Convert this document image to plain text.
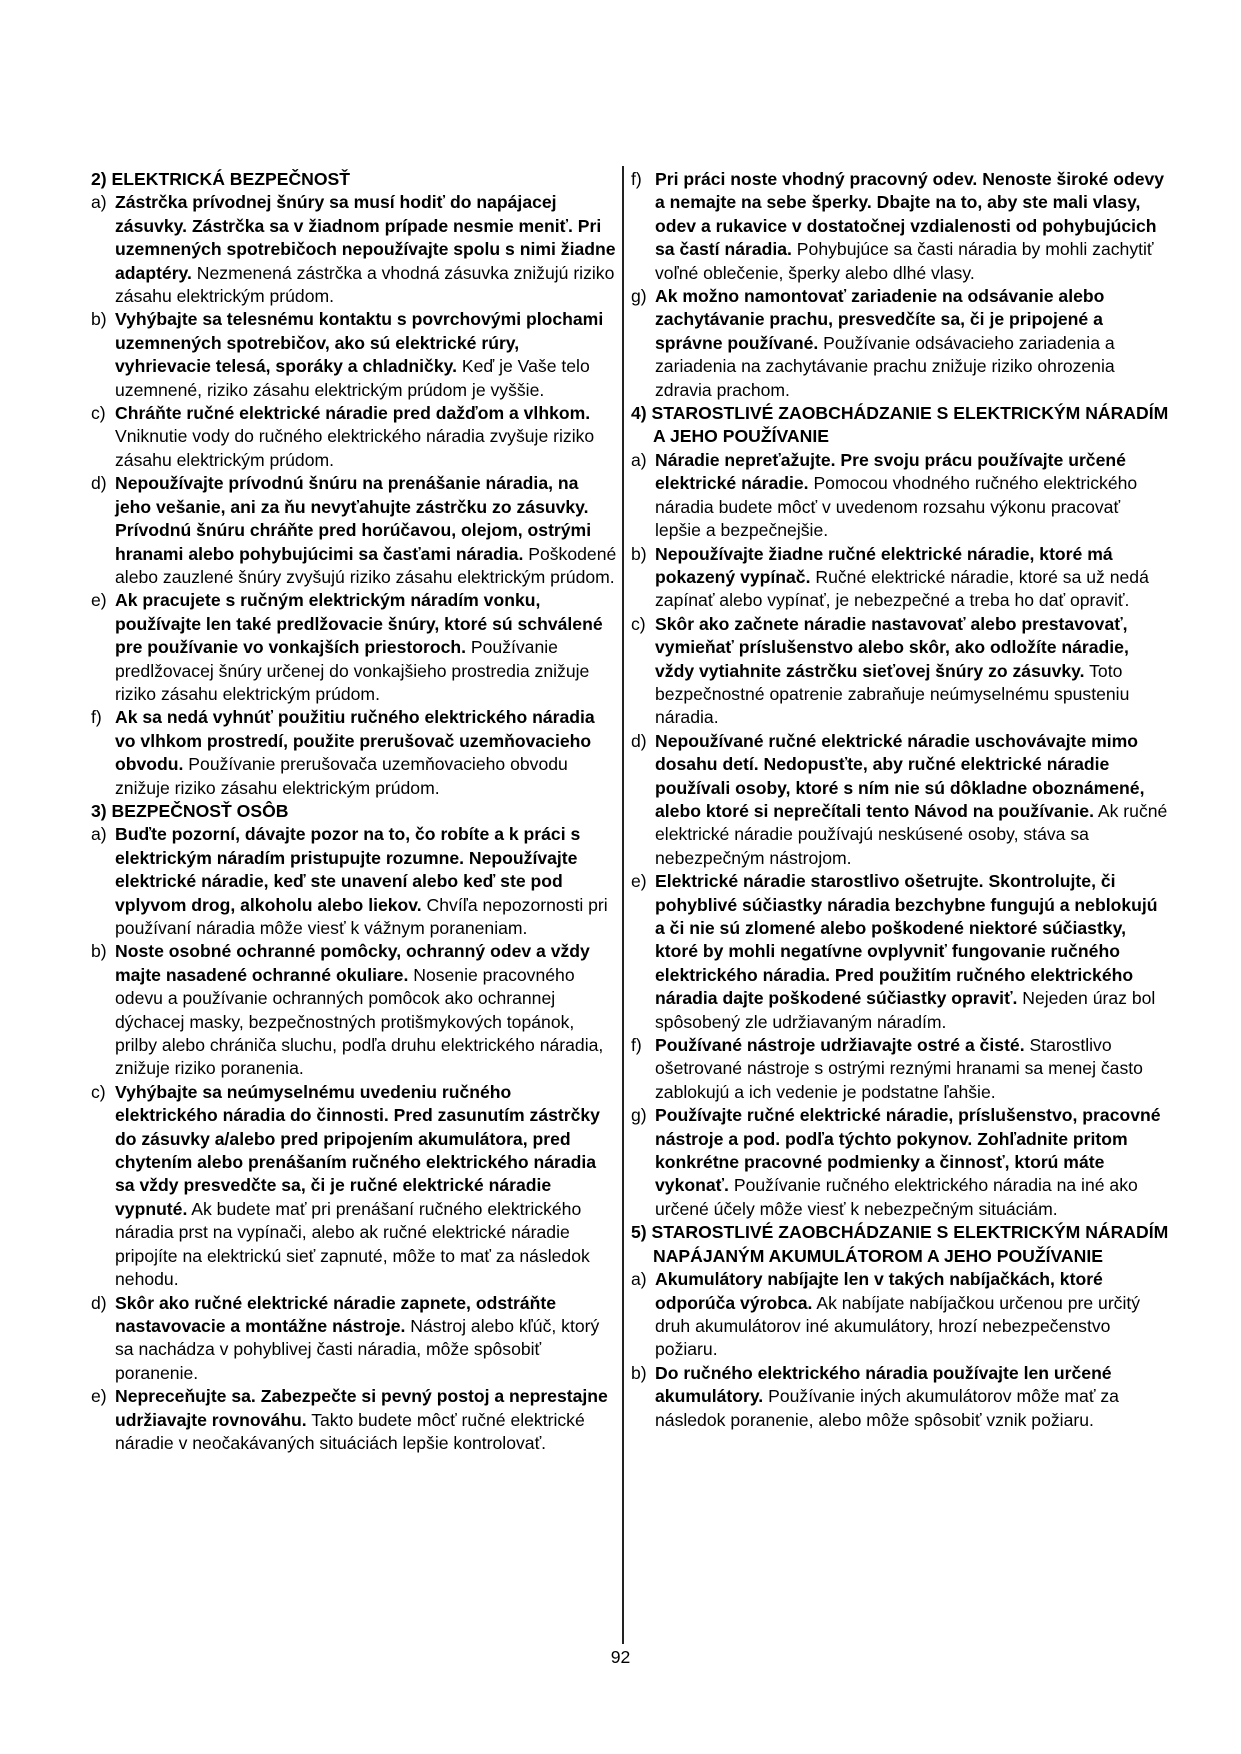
2) ELEKTRICKÁ BEZPEČNOSŤ
a) Zástrčka prívodnej šnúry sa musí hodiť do napájacej zásuvky. Zástrčka sa v žiadnom prípade nesmie meniť. Pri uzemnených spotrebičoch nepoužívajte spolu s nimi žiadne adaptéry. Nezmenená zástrčka a vhodná zásuvka znižujú riziko zásahu elektrickým prúdom.
b) Vyhýbajte sa telesnému kontaktu s povrchovými plochami uzemnených spotrebičov, ako sú elektrické rúry, vyhrievacie telesá, sporáky a chladničky. Keď je Vaše telo uzemnené, riziko zásahu elektrickým prúdom je vyššie.
c) Chráňte ručné elektrické náradie pred dažďom a vlhkom. Vniknutie vody do ručného elektrického náradia zvyšuje riziko zásahu elektrickým prúdom.
d) Nepoužívajte prívodnú šnúru na prenášanie náradia, na jeho vešanie, ani za ňu nevyťahujte zástrčku zo zásuvky. Prívodnú šnúru chráňte pred horúčavou, olejom, ostrými hranami alebo pohybujúcimi sa časťami náradia. Poškodené alebo zauzlené šnúry zvyšujú riziko zásahu elektrickým prúdom.
e) Ak pracujete s ručným elektrickým náradím vonku, používajte len také predlžovacie šnúry, ktoré sú schválené pre používanie vo vonkajších priestoroch. Používanie predlžovacej šnúry určenej do vonkajšieho prostredia znižuje riziko zásahu elektrickým prúdom.
f) Ak sa nedá vyhnúť použitiu ručného elektrického náradia vo vlhkom prostredí, použite prerušovač uzemňovacieho obvodu. Používanie prerušovača uzemňovacieho obvodu znižuje riziko zásahu elektrickým prúdom.
3) BEZPEČNOSŤ OSÔB
a) Buďte pozorní, dávajte pozor na to, čo robíte a k práci s elektrickým náradím pristupujte rozumne. Nepoužívajte elektrické náradie, keď ste unavení alebo keď ste pod vplyvom drog, alkoholu alebo liekov. Chvíľa nepozornosti pri používaní náradia môže viesť k vážnym poraneniam.
b) Noste osobné ochranné pomôcky, ochranný odev a vždy majte nasadené ochranné okuliare. Nosenie pracovného odevu a používanie ochranných pomôcok ako ochrannej dýchacej masky, bezpečnostných protišmykových topánok, prilby alebo chrániča sluchu, podľa druhu elektrického náradia, znižuje riziko poranenia.
c) Vyhýbajte sa neúmyselnému uvedeniu ručného elektrického náradia do činnosti. Pred zasunutím zástrčky do zásuvky a/alebo pred pripojením akumulátora, pred chytením alebo prenášaním ručného elektrického náradia sa vždy presvedčte sa, či je ručné elektrické náradie vypnuté. Ak budete mať pri prenášaní ručného elektrického náradia prst na vypínači, alebo ak ručné elektrické náradie pripojíte na elektrickú sieť zapnuté, môže to mať za následok nehodu.
d) Skôr ako ručné elektrické náradie zapnete, odstráňte nastavovacie a montážne nástroje. Nástroj alebo kľúč, ktorý sa nachádza v pohyblivej časti náradia, môže spôsobiť poranenie.
e) Neprecеňujte sa. Zabezpečte si pevný postoj a neprestajne udržiavajte rovnováhu. Takto budete môcť ručné elektrické náradie v neočakávaných situáciách lepšie kontrolovať.
f) Pri práci noste vhodný pracovný odev. Nenoste široké odevy a nemajte na sebe šperky. Dbajte na to, aby ste mali vlasy, odev a rukavice v dostatočnej vzdialenosti od pohybujúcich sa častí náradia. Pohybujúce sa časti náradia by mohli zachytiť voľné oblečenie, šperky alebo dlhé vlasy.
g) Ak možno namontovať zariadenie na odsávanie alebo zachytávanie prachu, presvedčíte sa, či je pripojené a správne používané. Používanie odsávacieho zariadenia a zariadenia na zachytávanie prachu znižuje riziko ohrozenia zdravia prachom.
4) STAROSTLIVÉ ZAOBCHÁDZANIE S ELEKTRICKÝM NÁRADÍM A JEHO POUŽÍVANIE
a) Náradie nepreťažujte. Pre svoju prácu používajte určené elektrické náradie. Pomocou vhodného ručného elektrického náradia budete môcť v uvedenom rozsahu výkonu pracovať lepšie a bezpečnejšie.
b) Nepoužívajte žiadne ručné elektrické náradie, ktoré má pokazený vypínač. Ručné elektrické náradie, ktoré sa už nedá zapínať alebo vypínať, je nebezpečné a treba ho dať opraviť.
c) Skôr ako začnete náradie nastavovať alebo prestavovať, vymieňať príslušenstvo alebo skôr, ako odložíte náradie, vždy vytiahnite zástrčku sieťovej šnúry zo zásuvky. Toto bezpečnostné opatrenie zabraňuje neúmyselnému spusteniu náradia.
d) Nepoužívané ručné elektrické náradie uschovávajte mimo dosahu detí. Nedopusťte, aby ručné elektrické náradie používali osoby, ktoré s ním nie sú dôkladne oboznámené, alebo ktoré si neprečítali tento Návod na používanie. Ak ručné elektrické náradie používajú neskúsené osoby, stáva sa nebezpečným nástrojom.
e) Elektrické náradie starostlivo ošetrujte. Skontrolujte, či pohyblivé súčiastky náradia bezchybne fungujú a neblokujú a či nie sú zlomené alebo poškodené niektoré súčiastky, ktoré by mohli negatívne ovplyvniť fungovanie ručného elektrického náradia. Pred použitím ručného elektrického náradia dajte poškodené súčiastky opraviť. Nejeden úraz bol spôsobený zle udržiavaným náradím.
f) Používané nástroje udržiavajte ostré a čisté. Starostlivo ošetrované nástroje s ostrými reznými hranami sa menej často zablokujú a ich vedenie je podstatne ľahšie.
g) Používajte ručné elektrické náradie, príslušenstvo, pracovné nástroje a pod. podľa týchto pokynov. Zohľadnite pritom konkrétne pracovné podmienky a činnosť, ktorú máte vykonať. Používanie ručného elektrického náradia na iné ako určené účely môže viesť k nebezpečným situáciám.
5) STAROSTLIVÉ ZAOBCHÁDZANIE S ELEKTRICKÝM NÁRADÍM NAPÁJANÝM AKUMULÁTOROM A JEHO POUŽÍVANIE
a) Akumulátory nabíjajte len v takých nabíjačkách, ktoré odporúča výrobca. Ak nabíjate nabíjačkou určenou pre určitý druh akumulátorov iné akumulátory, hrozí nebezpečenstvo požiaru.
b) Do ručného elektrického náradia používajte len určené akumulátory. Používanie iných akumulátorov môže mať za následok poranenie, alebo môže spôsobiť vznik požiaru.
92
